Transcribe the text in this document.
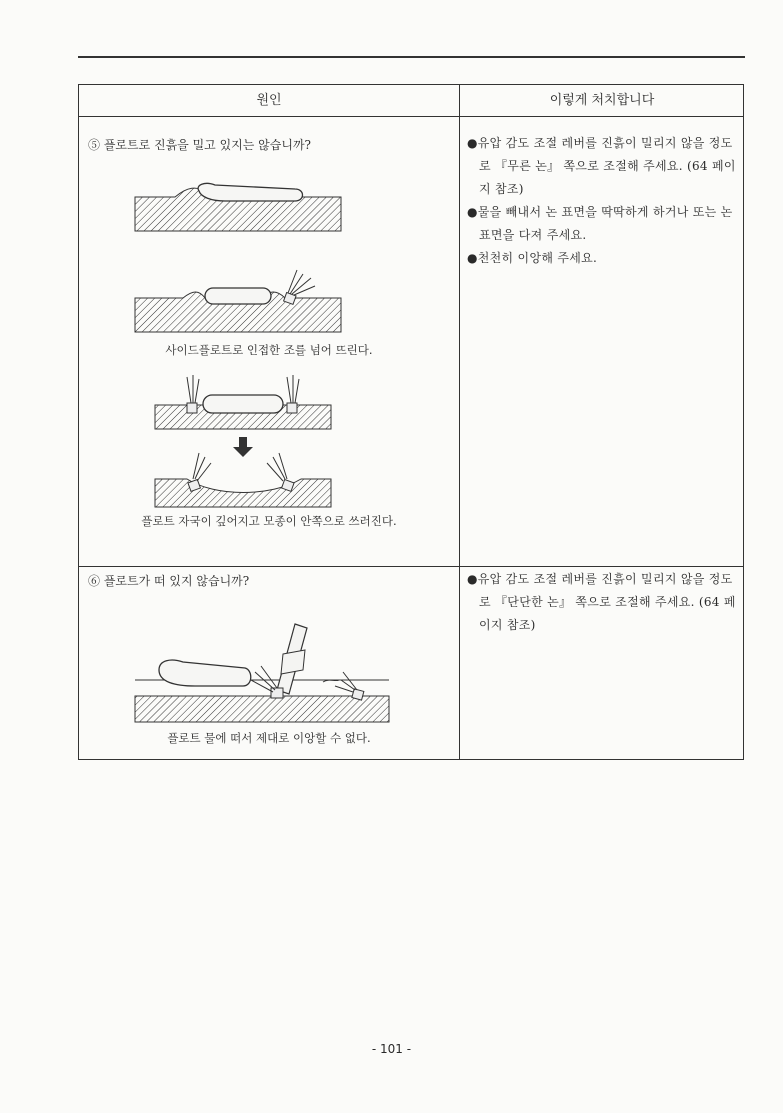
원인	이렇게 처치합니다
⑤ 플로트로 진흙을 밀고 있지는 않습니까?
사이드플로트로 인접한 조를 넘어 뜨린다.
플로트 자국이 깊어지고 모종이 안쪽으로 쓰러진다.

●유압 감도 조절 레버를 진흙이 밀리지 않을 정도로 『무른 논』 쪽으로 조절해 주세요. (64 페이지 참조)

●물을 빼내서 논 표면을 딱딱하게 하거나 또는 논 표면을 다져 주세요.

●천천히 이앙해 주세요.

⑥ 플로트가 떠 있지 않습니까?
플로트 물에 떠서 제대로 이앙할 수 없다.

●유압 감도 조절 레버를 진흙이 밀리지 않을 정도로 『단단한 논』 쪽으로 조절해 주세요. (64 페이지 참조)

- 101 -
